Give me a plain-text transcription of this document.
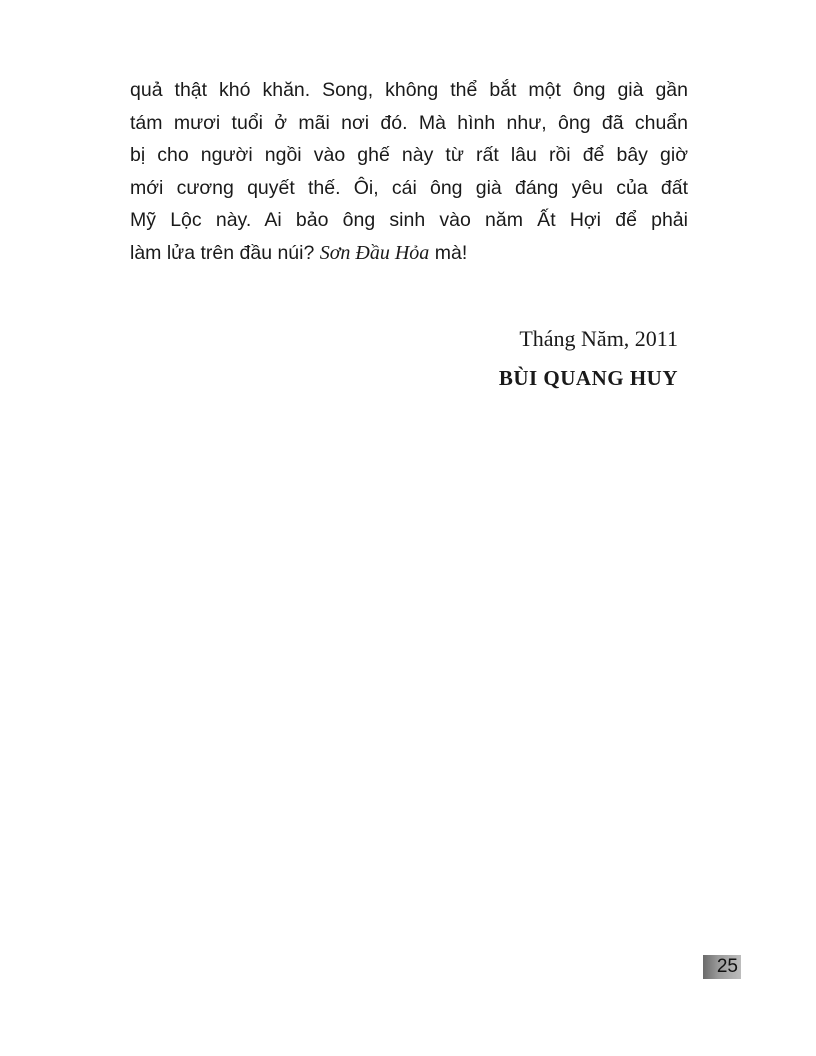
quả thật khó khăn. Song, không thể bắt một ông già gần
tám mươi tuổi ở mãi nơi đó. Mà hình như, ông đã chuẩn
bị cho người ngồi vào ghế này từ rất lâu rồi để bây giờ
mới cương quyết thế. Ôi, cái ông già đáng yêu của đất
Mỹ Lộc này. Ai bảo ông sinh vào năm Ất Hợi để phải
làm lửa trên đầu núi? Sơn Đầu Hỏa mà!

Tháng Năm, 2011
BÙI QUANG HUY
25
